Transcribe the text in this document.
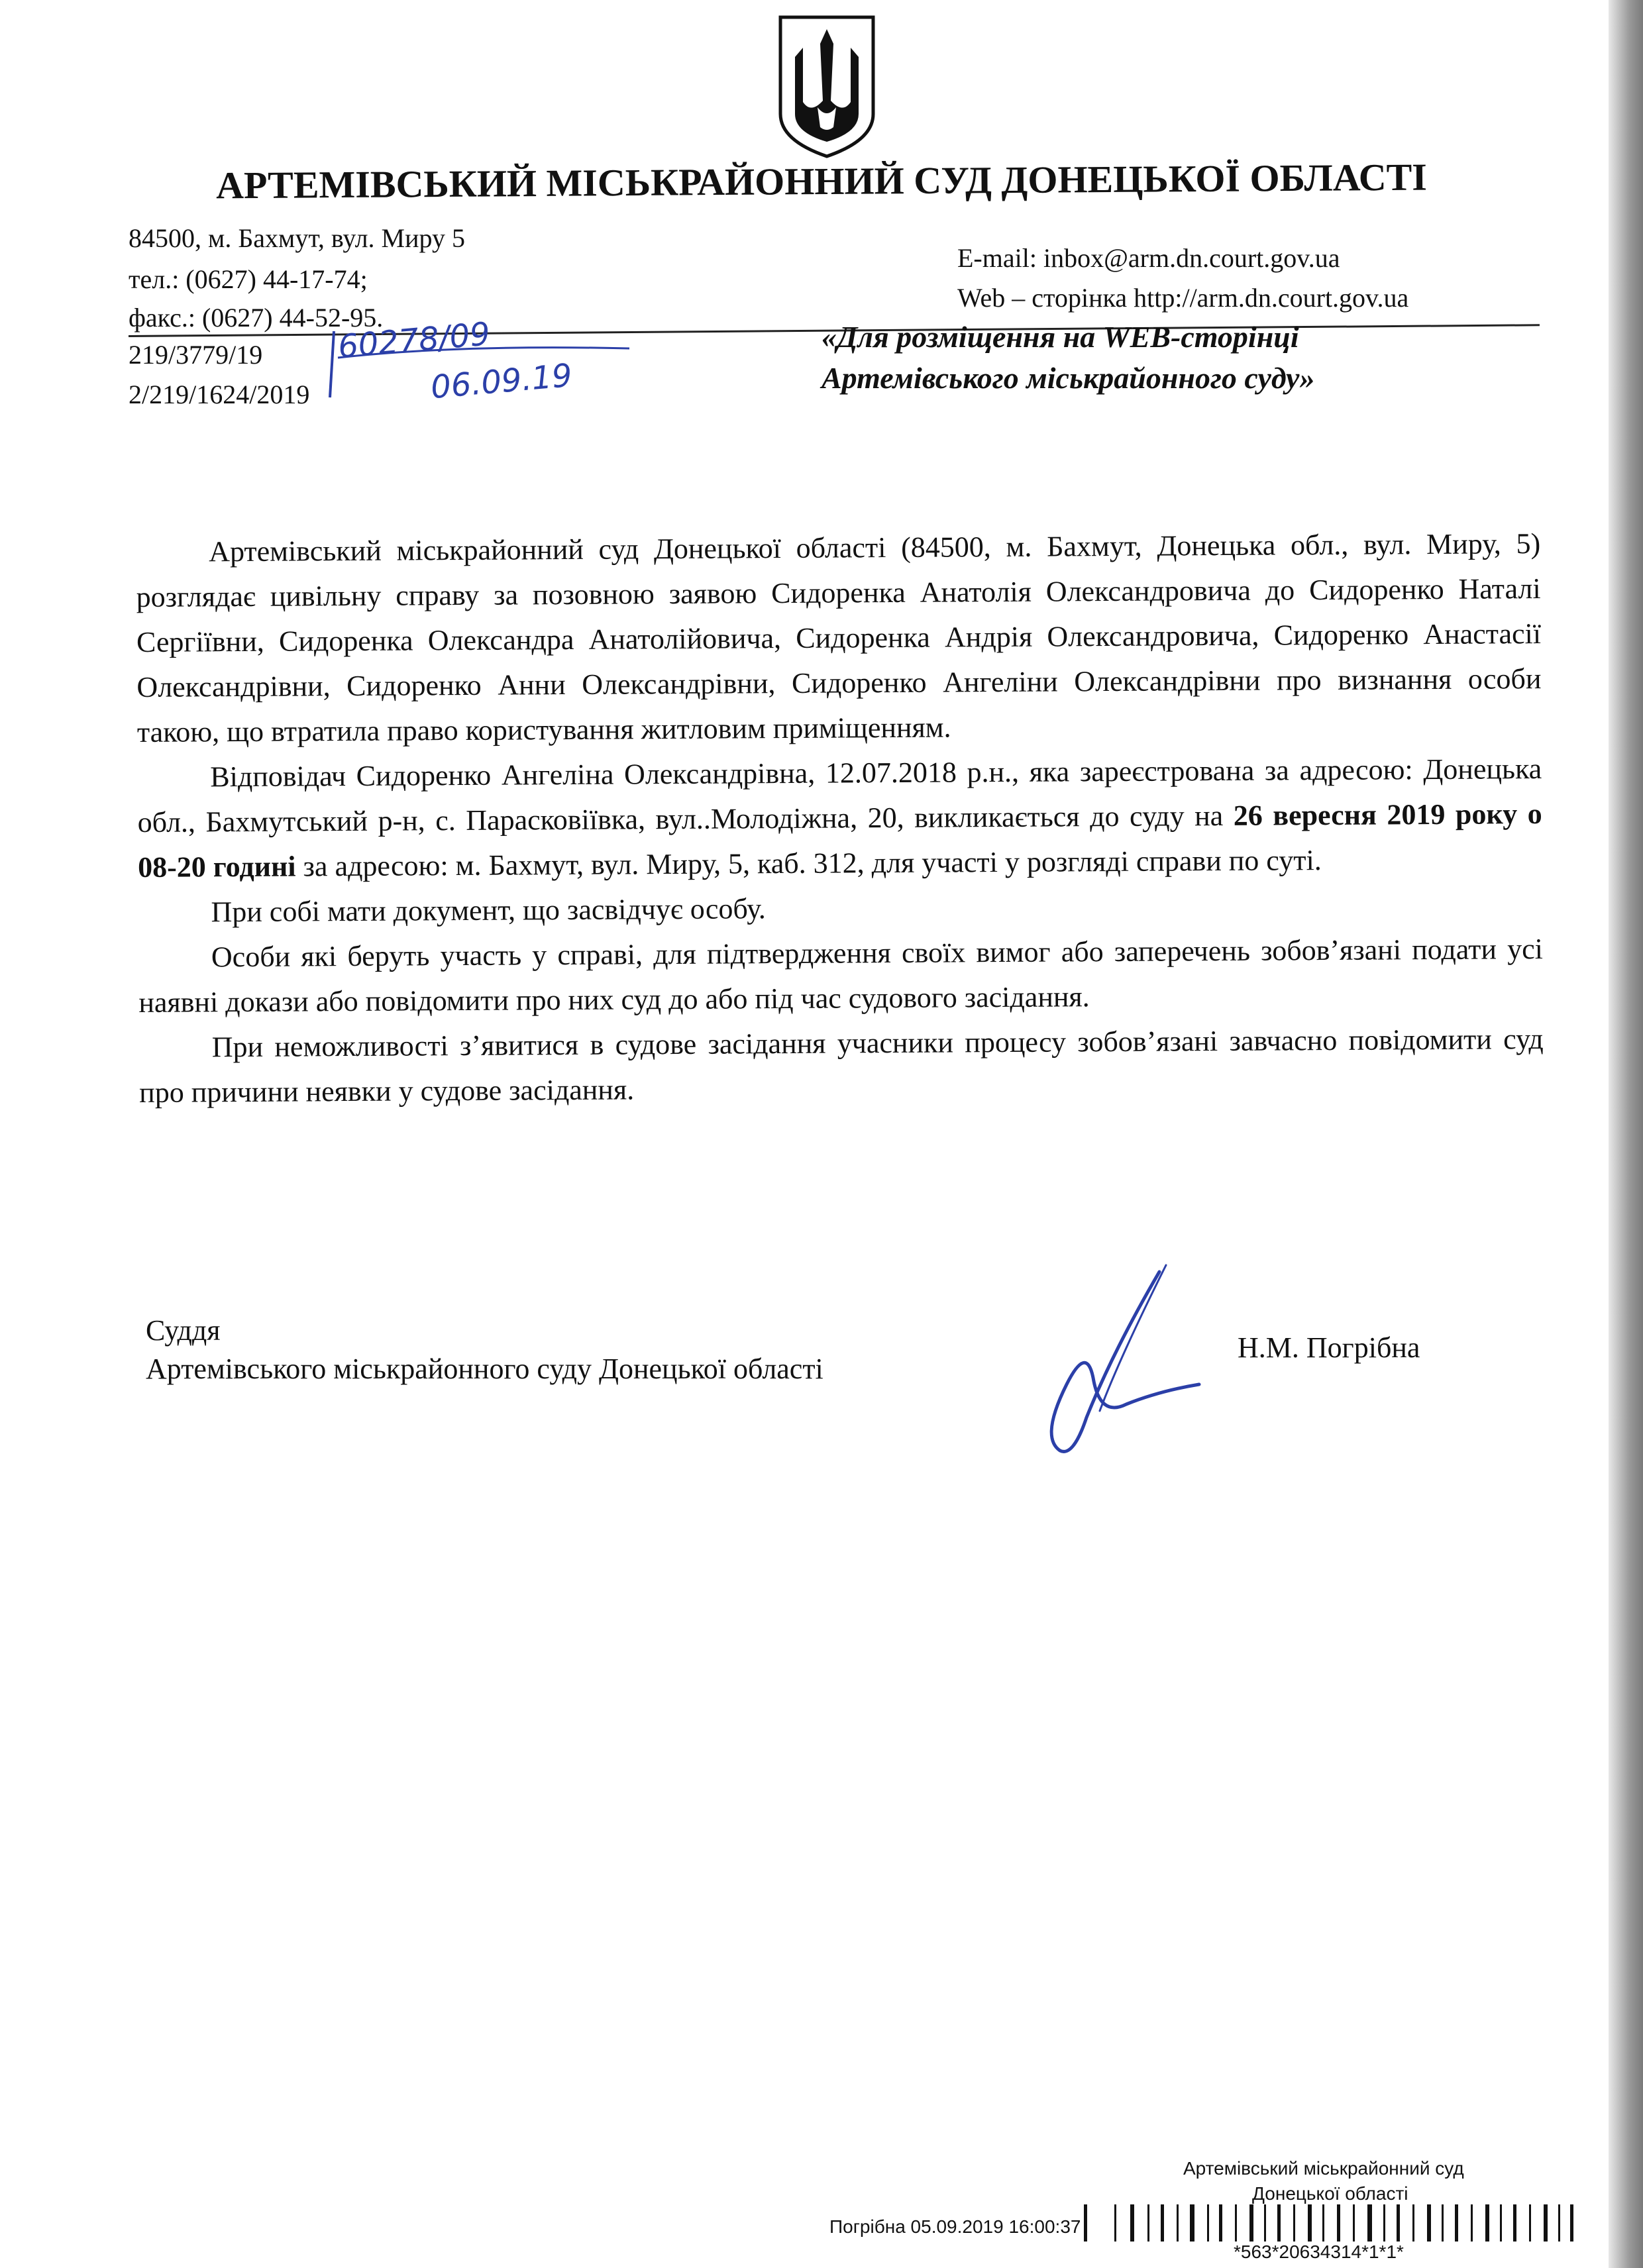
АРТЕМІВСЬКИЙ МІСЬКРАЙОННИЙ СУД ДОНЕЦЬКОЇ ОБЛАСТІ
84500, м. Бахмут, вул. Миру 5
тел.: (0627) 44-17-74;
факс.: (0627) 44-52-95.
E-mail: inbox@arm.dn.court.gov.ua
Web – сторінка http://arm.dn.court.gov.ua
219/3779/19
2/219/1624/2019
60278/09
06.09.19
«Для розміщення на WEB-сторінці
Артемівського міськрайонного суду»

Артемівський міськрайонний суд Донецької області (84500, м. Бахмут, Донецька обл., вул. Миру, 5) розглядає цивільну справу за позовною заявою Сидоренка Анатолія Олександровича до Сидоренко Наталі Сергіївни, Сидоренка Олександра Анатолійовича, Сидоренка Андрія Олександровича, Сидоренко Анастасії Олександрівни, Сидоренко Анни Олександрівни, Сидоренко Ангеліни Олександрівни про визнання особи такою, що втратила право користування житловим приміщенням.

Відповідач Сидоренко Ангеліна Олександрівна, 12.07.2018 р.н., яка зареєстрована за адресою: Донецька обл., Бахмутський р-н, с. Парасковіївка, вул..Молодіжна, 20, викликається до суду на 26 вересня 2019 року о 08-20 годині за адресою: м. Бахмут, вул. Миру, 5, каб. 312, для участі у розгляді справи по суті.

При собі мати документ, що засвідчує особу.

Особи які беруть участь у справі, для підтвердження своїх вимог або заперечень зобов’язані подати усі наявні докази або повідомити про них суд до або під час судового засідання.

При неможливості з’явитися в судове засідання учасники процесу зобов’язані завчасно повідомити суд про причини неявки у судове засідання.

Суддя
Артемівського міськрайонного суду Донецької області
Н.М. Погрібна
Артемівський міськрайонний суд
Донецької області
Погрібна 05.09.2019 16:00:37
*563*20634314*1*1*
